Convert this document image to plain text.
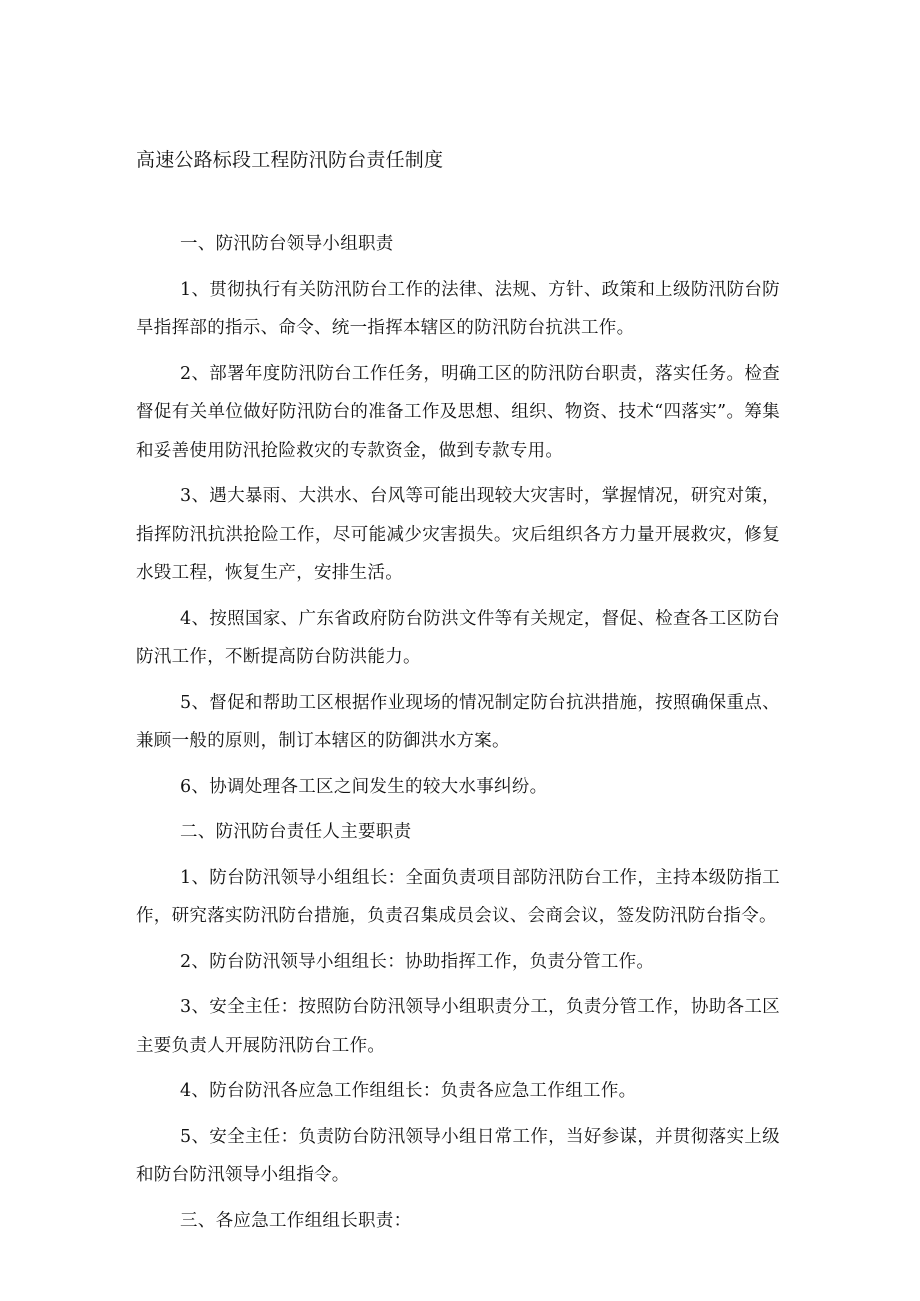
高速公路标段工程防汛防台责任制度

一、防汛防台领导小组职责

1、贯彻执行有关防汛防台工作的法律、法规、方针、政策和上级防汛防台防旱指挥部的指示、命令、统一指挥本辖区的防汛防台抗洪工作。

2、部署年度防汛防台工作任务，明确工区的防汛防台职责，落实任务。检查督促有关单位做好防汛防台的准备工作及思想、组织、物资、技术“四落实”。筹集和妥善使用防汛抢险救灾的专款资金，做到专款专用。

3、遇大暴雨、大洪水、台风等可能出现较大灾害时，掌握情况，研究对策，指挥防汛抗洪抢险工作，尽可能减少灾害损失。灾后组织各方力量开展救灾，修复水毁工程，恢复生产，安排生活。

4、按照国家、广东省政府防台防洪文件等有关规定，督促、检查各工区防台防汛工作，不断提高防台防洪能力。

5、督促和帮助工区根据作业现场的情况制定防台抗洪措施，按照确保重点、兼顾一般的原则，制订本辖区的防御洪水方案。

6、协调处理各工区之间发生的较大水事纠纷。

二、防汛防台责任人主要职责

1、防台防汛领导小组组长：全面负责项目部防汛防台工作，主持本级防指工作，研究落实防汛防台措施，负责召集成员会议、会商会议，签发防汛防台指令。

2、防台防汛领导小组组长：协助指挥工作，负责分管工作。

3、安全主任：按照防台防汛领导小组职责分工，负责分管工作，协助各工区主要负责人开展防汛防台工作。

4、防台防汛各应急工作组组长：负责各应急工作组工作。

5、安全主任：负责防台防汛领导小组日常工作，当好参谋，并贯彻落实上级和防台防汛领导小组指令。

三、各应急工作组组长职责：
